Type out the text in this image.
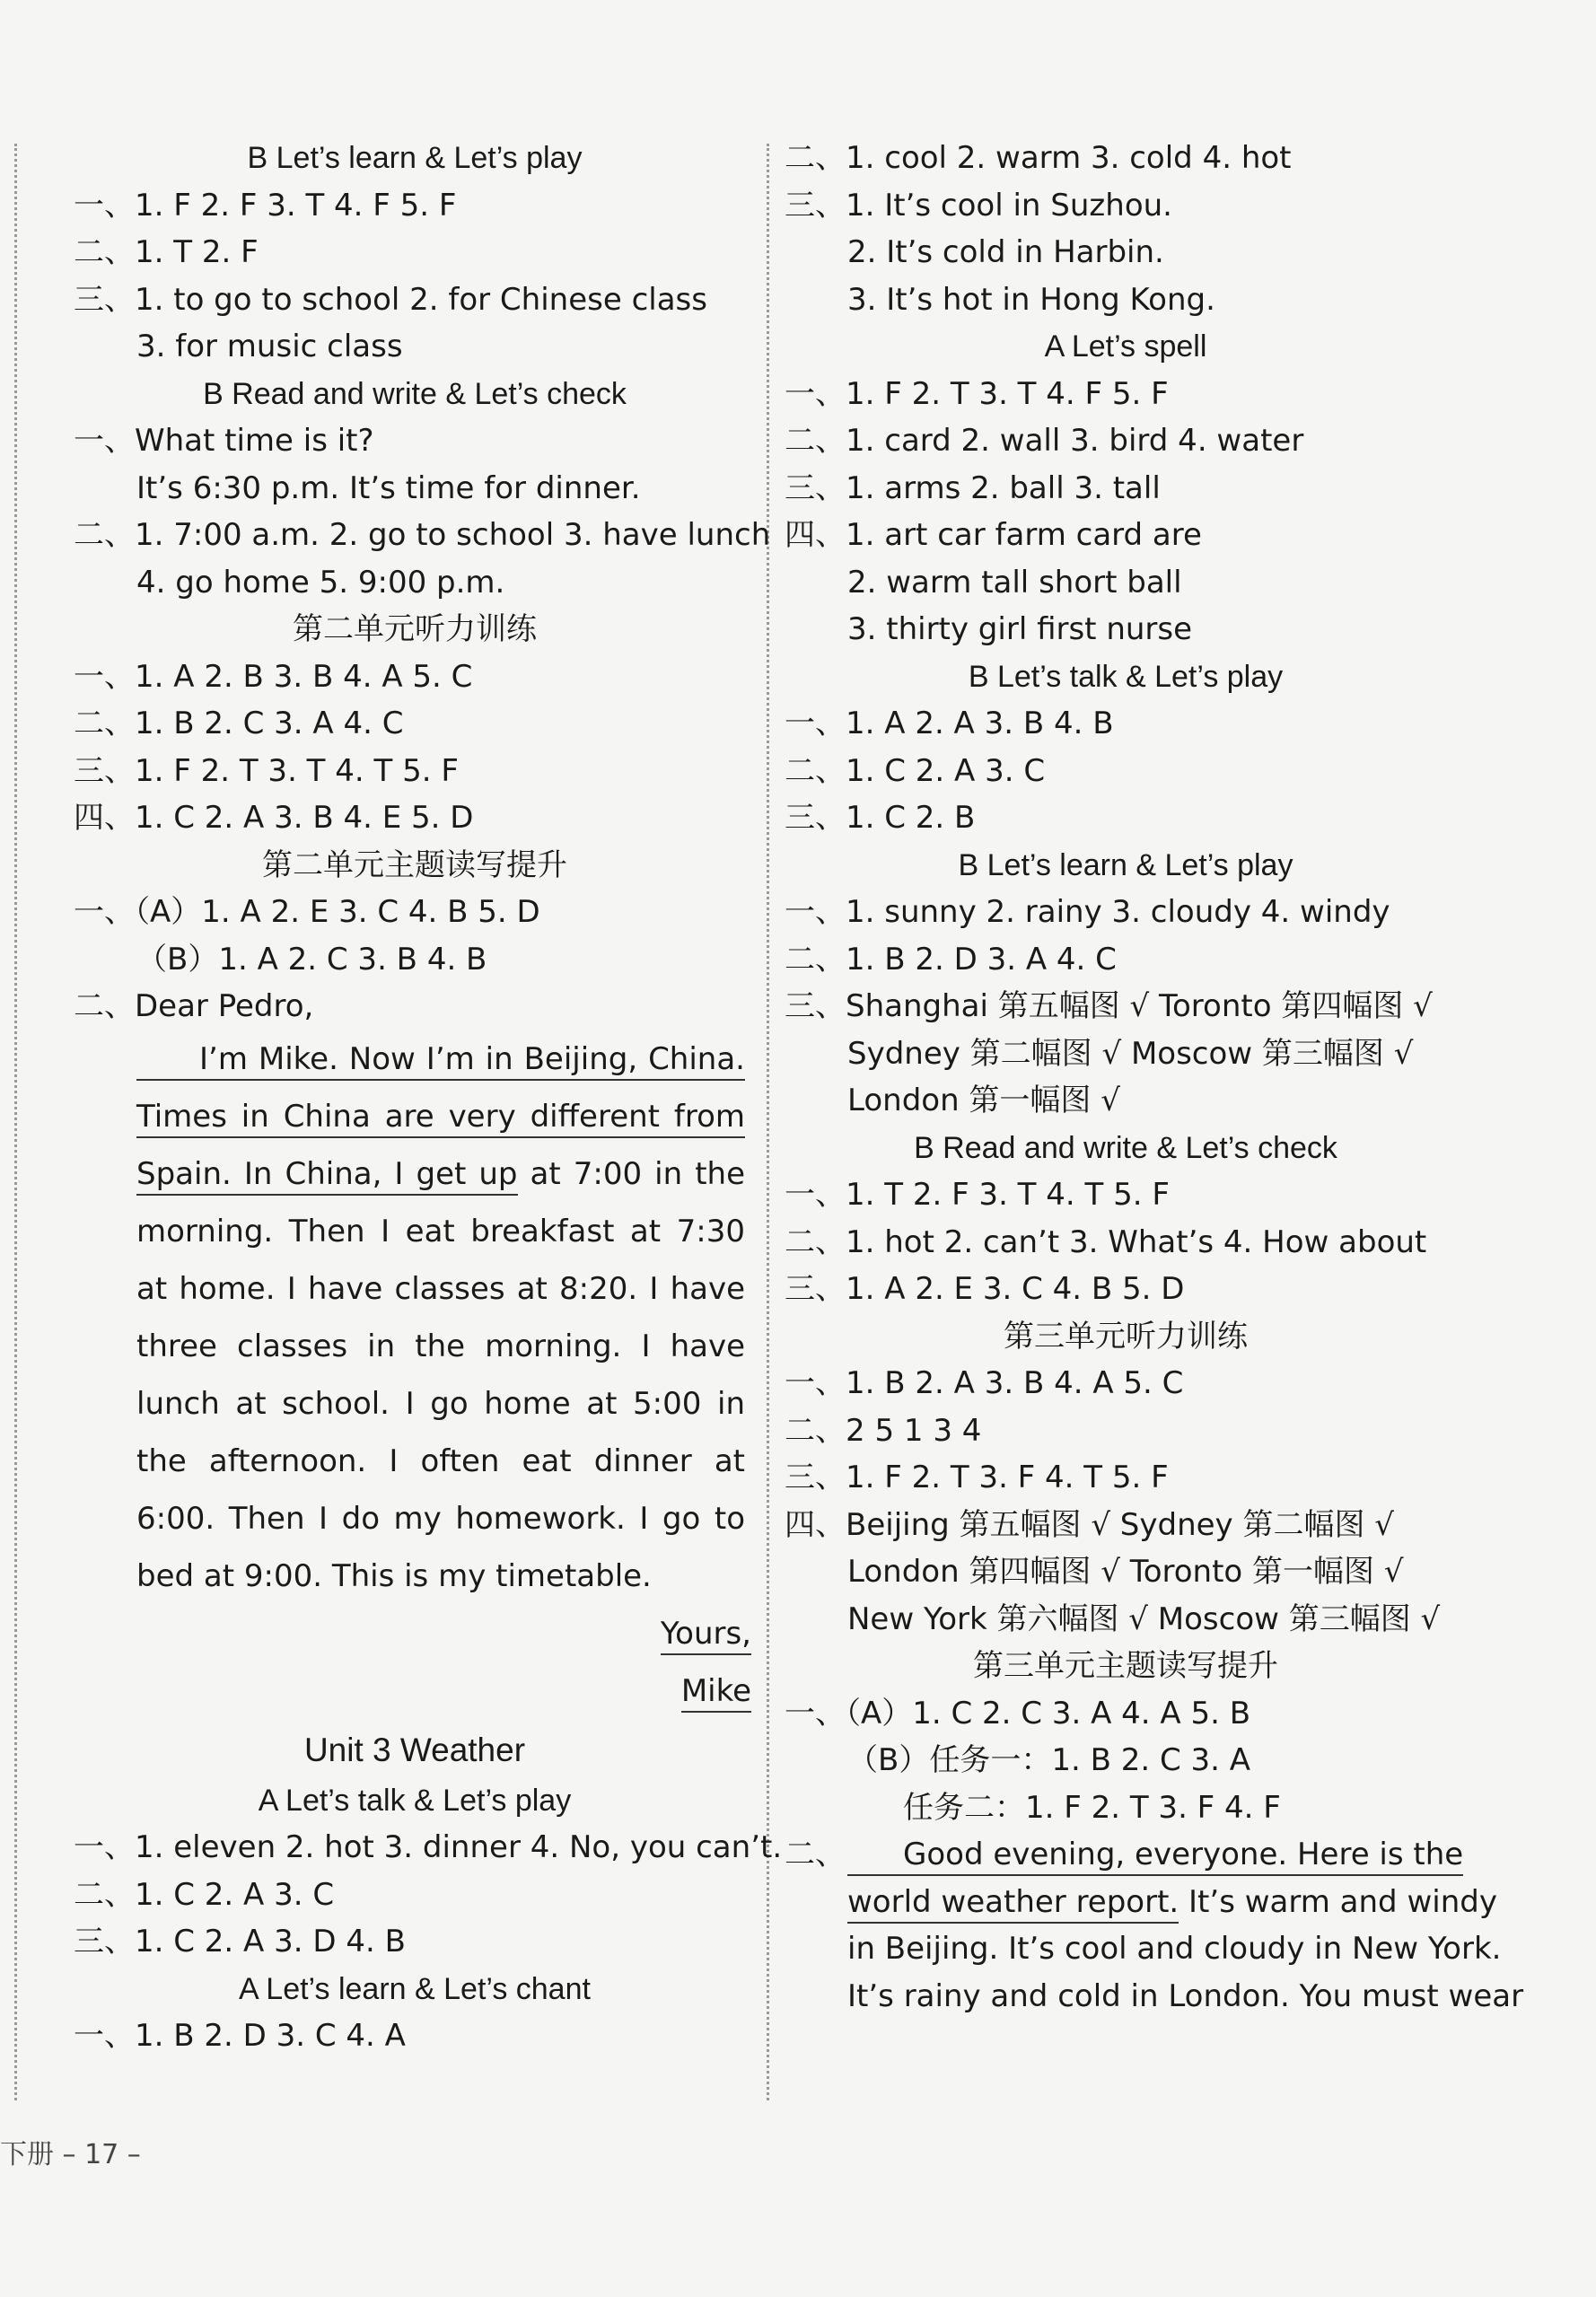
B Let’s learn & Let’s play
一、1. F 2. F 3. T 4. F 5. F
二、1. T 2. F
三、1. to go to school 2. for Chinese class
3. for music class
B Read and write & Let’s check
一、What time is it?
It’s 6:30 p.m. It’s time for dinner.
二、1. 7:00 a.m. 2. go to school 3. have lunch
4. go home 5. 9:00 p.m.
第二单元听力训练
一、1. A 2. B 3. B 4. A 5. C
二、1. B 2. C 3. A 4. C
三、1. F 2. T 3. T 4. T 5. F
四、1. C 2. A 3. B 4. E 5. D
第二单元主题读写提升
一、（A）1. A 2. E 3. C 4. B 5. D
（B）1. A 2. C 3. B 4. B
二、Dear Pedro,
I’m Mike. Now I’m in Beijing, China. Times in China are very different from Spain. In China, I get up at 7:00 in the morning. Then I eat breakfast at 7:30 at home. I have classes at 8:20. I have three classes in the morning. I have lunch at school. I go home at 5:00 in the afternoon. I often eat dinner at 6:00. Then I do my homework. I go to bed at 9:00. This is my timetable.
Yours,
Mike
Unit 3 Weather
A Let’s talk & Let’s play
一、1. eleven 2. hot 3. dinner 4. No, you can’t.
二、1. C 2. A 3. C
三、1. C 2. A 3. D 4. B
A Let’s learn & Let’s chant
一、1. B 2. D 3. C 4. A
二、1. cool 2. warm 3. cold 4. hot
三、1. It’s cool in Suzhou.
2. It’s cold in Harbin.
3. It’s hot in Hong Kong.
A Let’s spell
一、1. F 2. T 3. T 4. F 5. F
二、1. card 2. wall 3. bird 4. water
三、1. arms 2. ball 3. tall
四、1. art car farm card are
2. warm tall short ball
3. thirty girl first nurse
B Let’s talk & Let’s play
一、1. A 2. A 3. B 4. B
二、1. C 2. A 3. C
三、1. C 2. B
B Let’s learn & Let’s play
一、1. sunny 2. rainy 3. cloudy 4. windy
二、1. B 2. D 3. A 4. C
三、Shanghai 第五幅图 √ Toronto 第四幅图 √
Sydney 第二幅图 √ Moscow 第三幅图 √
London 第一幅图 √
B Read and write & Let’s check
一、1. T 2. F 3. T 4. T 5. F
二、1. hot 2. can’t 3. What’s 4. How about
三、1. A 2. E 3. C 4. B 5. D
第三单元听力训练
一、1. B 2. A 3. B 4. A 5. C
二、2 5 1 3 4
三、1. F 2. T 3. F 4. T 5. F
四、Beijing 第五幅图 √ Sydney 第二幅图 √
London 第四幅图 √ Toronto 第一幅图 √
New York 第六幅图 √ Moscow 第三幅图 √
第三单元主题读写提升
一、（A）1. C 2. C 3. A 4. A 5. B
（B）任务一：1. B 2. C 3. A
任务二：1. F 2. T 3. F 4. F
二、 Good evening, everyone. Here is the
world weather report. It’s warm and windy
in Beijing. It’s cool and cloudy in New York.
It’s rainy and cold in London. You must wear
下册 – 17 –
